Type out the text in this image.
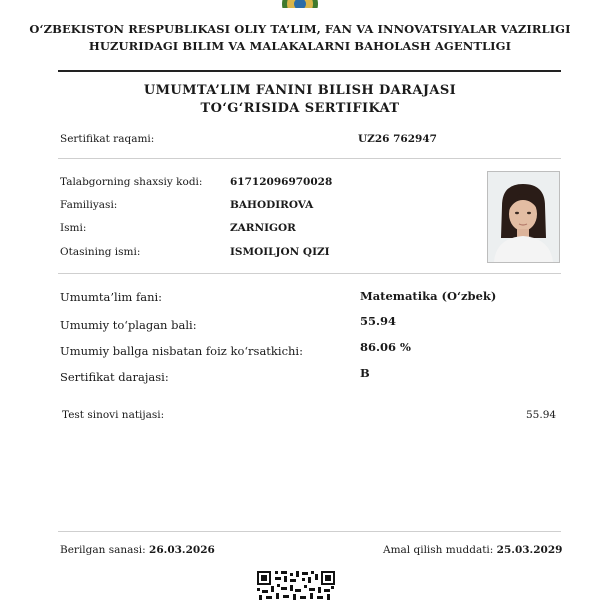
O‘ZBEKISTON RESPUBLIKASI OLIY TA’LIM, FAN VA INNOVATSIYALAR VAZIRLIGI
HUZURIDAGI BILIM VA MALAKALARNI BAHOLASH AGENTLIGI
UMUMTA’LIM FANINI BILISH DARAJASI
TO‘G‘RISIDA SERTIFIKAT
Sertifikat raqami:	UZ26 762947
Talabgorning shaxsiy kodi:	61712096970028
Familiyasi:	BAHODIROVA
Ismi:	ZARNIGOR
Otasining ismi:	ISMOILJON QIZI
Umumta’lim fani:	Matematika (O‘zbek)
Umumiy to‘plagan bali:	55.94
Umumiy ballga nisbatan foiz ko‘rsatkichi:	86.06 %
Sertifikat darajasi:	B
Test sinovi natijasi:	55.94
Berilgan sanasi: 26.03.2026	Amal qilish muddati: 25.03.2029
